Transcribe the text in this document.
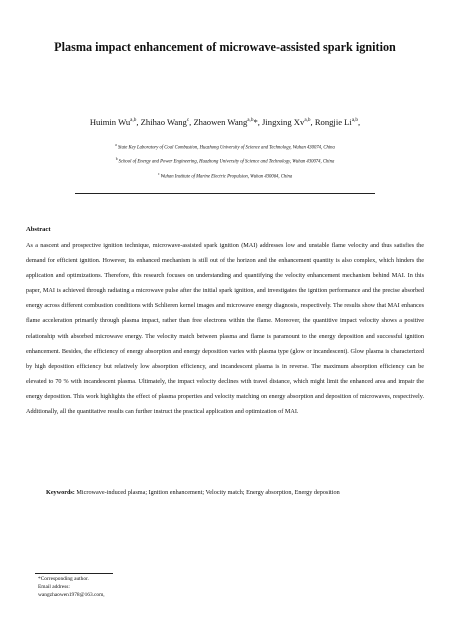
Plasma impact enhancement of microwave-assisted spark ignition
Huimin Wu$^{a,b}$, Zhihao Wang$^c$, Zhaowen Wang$^{a,b}$*, Jingxing Xv$^{a,b}$, Rongjie Li$^{a,b}$,
$^a$ State Key Laboratory of Coal Combustion, Huazhong University of Science and Technology, Wuhan 430074, China
$^b$ School of Energy and Power Engineering, Huazhong University of Science and Technology, Wuhan 430074, China
$^c$ Wuhan Institute of Marine Electric Propulsion, Wuhan 430064, China
Abstract
As a nascent and prospective ignition technique, microwave-assisted spark ignition (MAI) addresses low and unstable flame velocity and thus satisfies the demand for efficient ignition. However, its enhanced mechanism is still out of the horizon and the enhancement quantity is also complex, which hinders the application and optimizations. Therefore, this research focuses on understanding and quantifying the velocity enhancement mechanism behind MAI. In this paper, MAI is achieved through radiating a microwave pulse after the initial spark ignition, and investigates the ignition performance and the precise absorbed energy across different combustion conditions with Schlieren kernel images and microwave energy diagnosis, respectively. The results show that MAI enhances flame acceleration primarily through plasma impact, rather than free electrons within the flame. Moreover, the quantitive impact velocity shows a positive relationship with absorbed microwave energy. The velocity match between plasma and flame is paramount to the energy deposition and successful ignition enhancement. Besides, the efficiency of energy absorption and energy deposition varies with plasma type (glow or incandescent). Glow plasma is characterized by high deposition efficiency but relatively low absorption efficiency, and incandescent plasma is in reverse. The maximum absorption efficiency can be elevated to 70 % with incandescent plasma. Ultimately, the impact velocity declines with travel distance, which might limit the enhanced area and impair the energy deposition. This work highlights the effect of plasma properties and velocity matching on energy absorption and deposition of microwaves, respectively. Additionally, all the quantitative results can further instruct the practical application and optimization of MAI.
Keywords: Microwave-induced plasma; Ignition enhancement; Velocity match; Energy absorption, Energy deposition
*Corresponding author.
Email address:
wangzhaowen1978@163.com,
